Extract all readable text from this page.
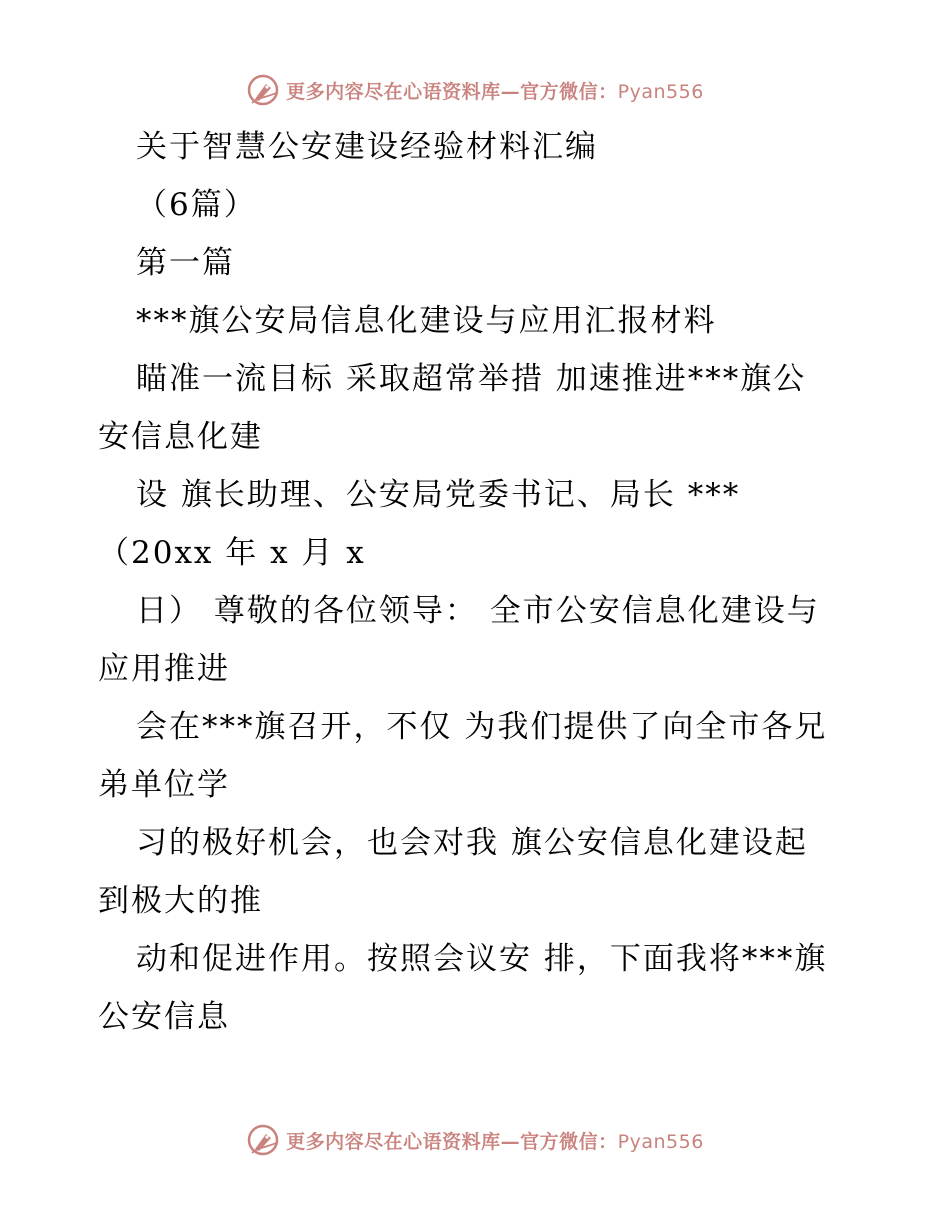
更多内容尽在心语资料库—官方微信：Pyan556
关于智慧公安建设经验材料汇编
（6篇）
第一篇
***旗公安局信息化建设与应用汇报材料
瞄准一流目标 采取超常举措 加速推进***旗公
安信息化建
设 旗长助理、公安局党委书记、局长 ***
（20xx 年 x 月 x
日） 尊敬的各位领导： 全市公安信息化建设与
应用推进
会在***旗召开，不仅 为我们提供了向全市各兄
弟单位学
习的极好机会，也会对我 旗公安信息化建设起
到极大的推
动和促进作用。按照会议安 排，下面我将***旗
公安信息
更多内容尽在心语资料库—官方微信：Pyan556
